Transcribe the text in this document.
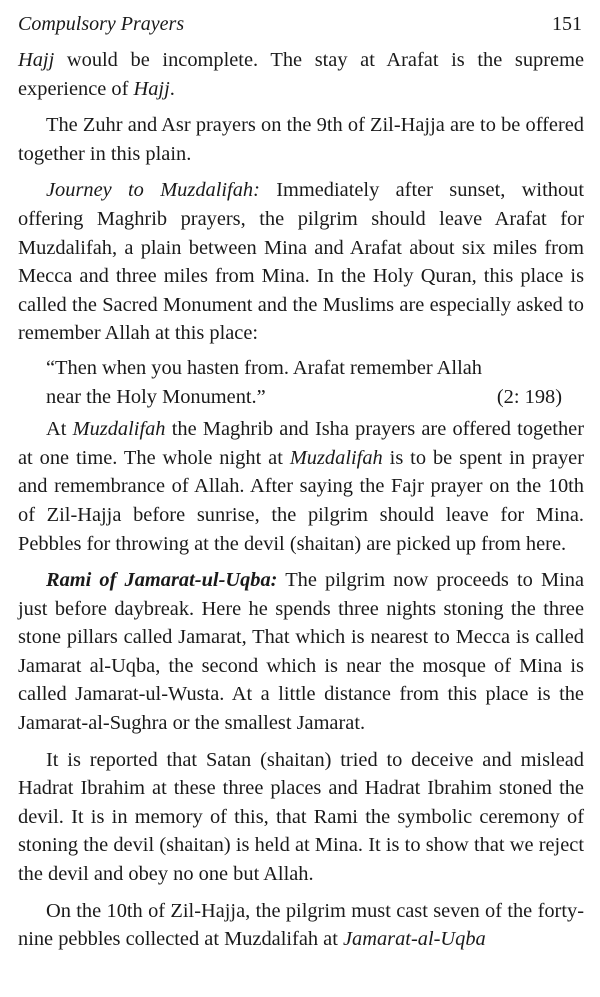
Compulsory Prayers	151

Hajj would be incomplete. The stay at Arafat is the supreme experience of Hajj.

The Zuhr and Asr prayers on the 9th of Zil-Hajja are to be offered together in this plain.

Journey to Muzdalifah: Immediately after sunset, without offering Maghrib prayers, the pilgrim should leave Arafat for Muzdalifah, a plain between Mina and Arafat about six miles from Mecca and three miles from Mina. In the Holy Quran, this place is called the Sacred Monument and the Muslims are especially asked to remember Allah at this place:

“Then when you hasten from. Arafat remember Allah
near the Holy Monument.”	(2: 198)

At Muzdalifah the Maghrib and Isha prayers are offered together at one time. The whole night at Muzdalifah is to be spent in prayer and remembrance of Allah. After saying the Fajr prayer on the 10th of Zil-Hajja before sunrise, the pilgrim should leave for Mina. Pebbles for throwing at the devil (shaitan) are picked up from here.

Rami of Jamarat-ul-Uqba: The pilgrim now proceeds to Mina just before daybreak. Here he spends three nights stoning the three stone pillars called Jamarat, That which is nearest to Mecca is called Jamarat al-Uqba, the second which is near the mosque of Mina is called Jamarat-ul-Wusta. At a little distance from this place is the Jamarat-al-Sughra or the smallest Jamarat.

It is reported that Satan (shaitan) tried to deceive and mislead Hadrat Ibrahim at these three places and Hadrat Ibrahim stoned the devil. It is in memory of this, that Rami the symbolic ceremony of stoning the devil (shaitan) is held at Mina. It is to show that we reject the devil and obey no one but Allah.

On the 10th of Zil-Hajja, the pilgrim must cast seven of the forty-nine pebbles collected at Muzdalifah at Jamarat-al-Uqba
